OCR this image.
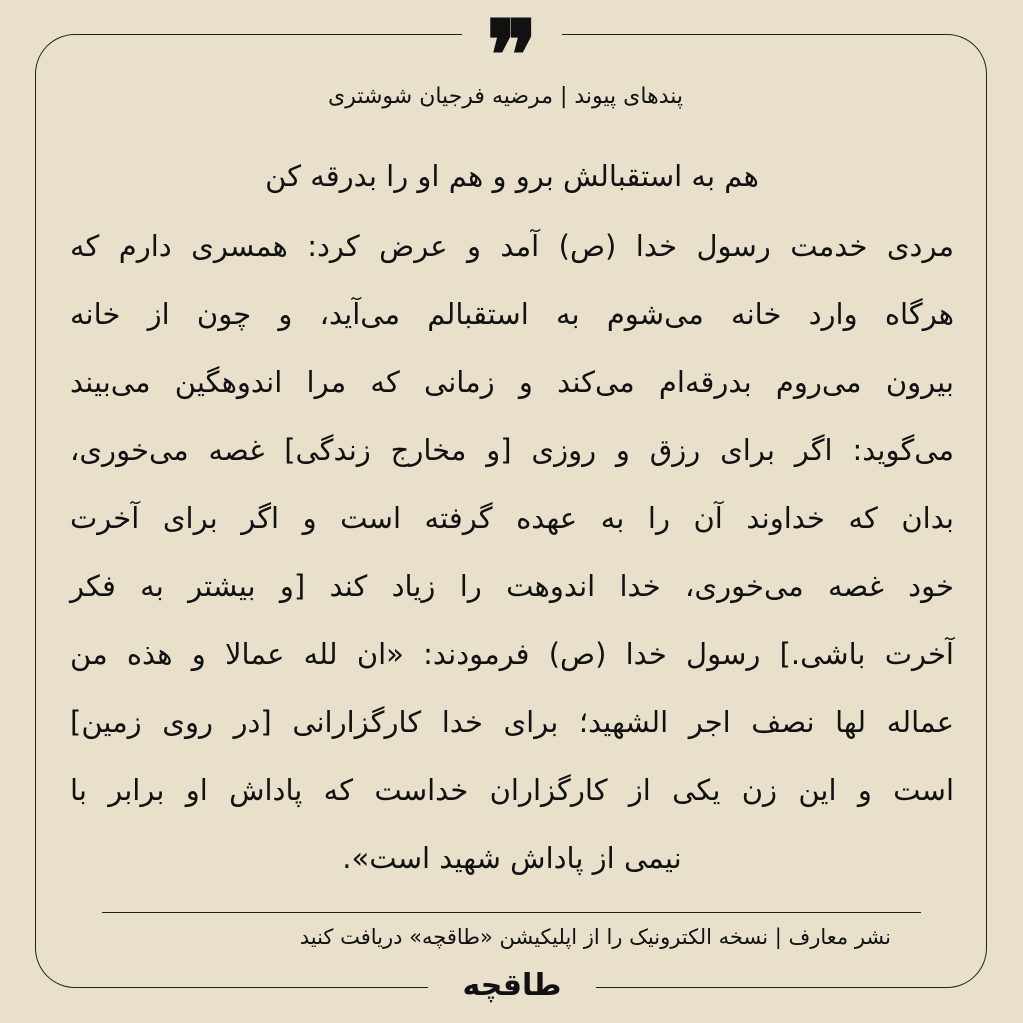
❞
پندهای پیوند | مرضیه فرجیان شوشتری
هم به استقبالش برو و هم او را بدرقه کن
مردی خدمت رسول خدا (ص) آمد و عرض کرد: همسری دارم که
هرگاه وارد خانه می‌شوم به استقبالم می‌آید، و چون از خانه
بیرون می‌روم بدرقه‌ام می‌کند و زمانی که مرا اندوهگین می‌بیند
می‌گوید: اگر برای رزق و روزی [و مخارج زندگی] غصه می‌خوری،
بدان که خداوند آن را به عهده گرفته است و اگر برای آخرت
خود غصه می‌خوری، خدا اندوهت را زیاد کند [و بیشتر به فکر
آخرت باشی.] رسول خدا (ص) فرمودند: «ان لله عمالا و هذه من
عماله لها نصف اجر الشهید؛ برای خدا کارگزارانی [در روی زمین]
است و این زن یکی از کارگزاران خداست که پاداش او برابر با
نیمی از پاداش شهید است».
نشر معارف | نسخه الکترونیک را از اپلیکیشن «طاقچه» دریافت کنید
طاقچه
